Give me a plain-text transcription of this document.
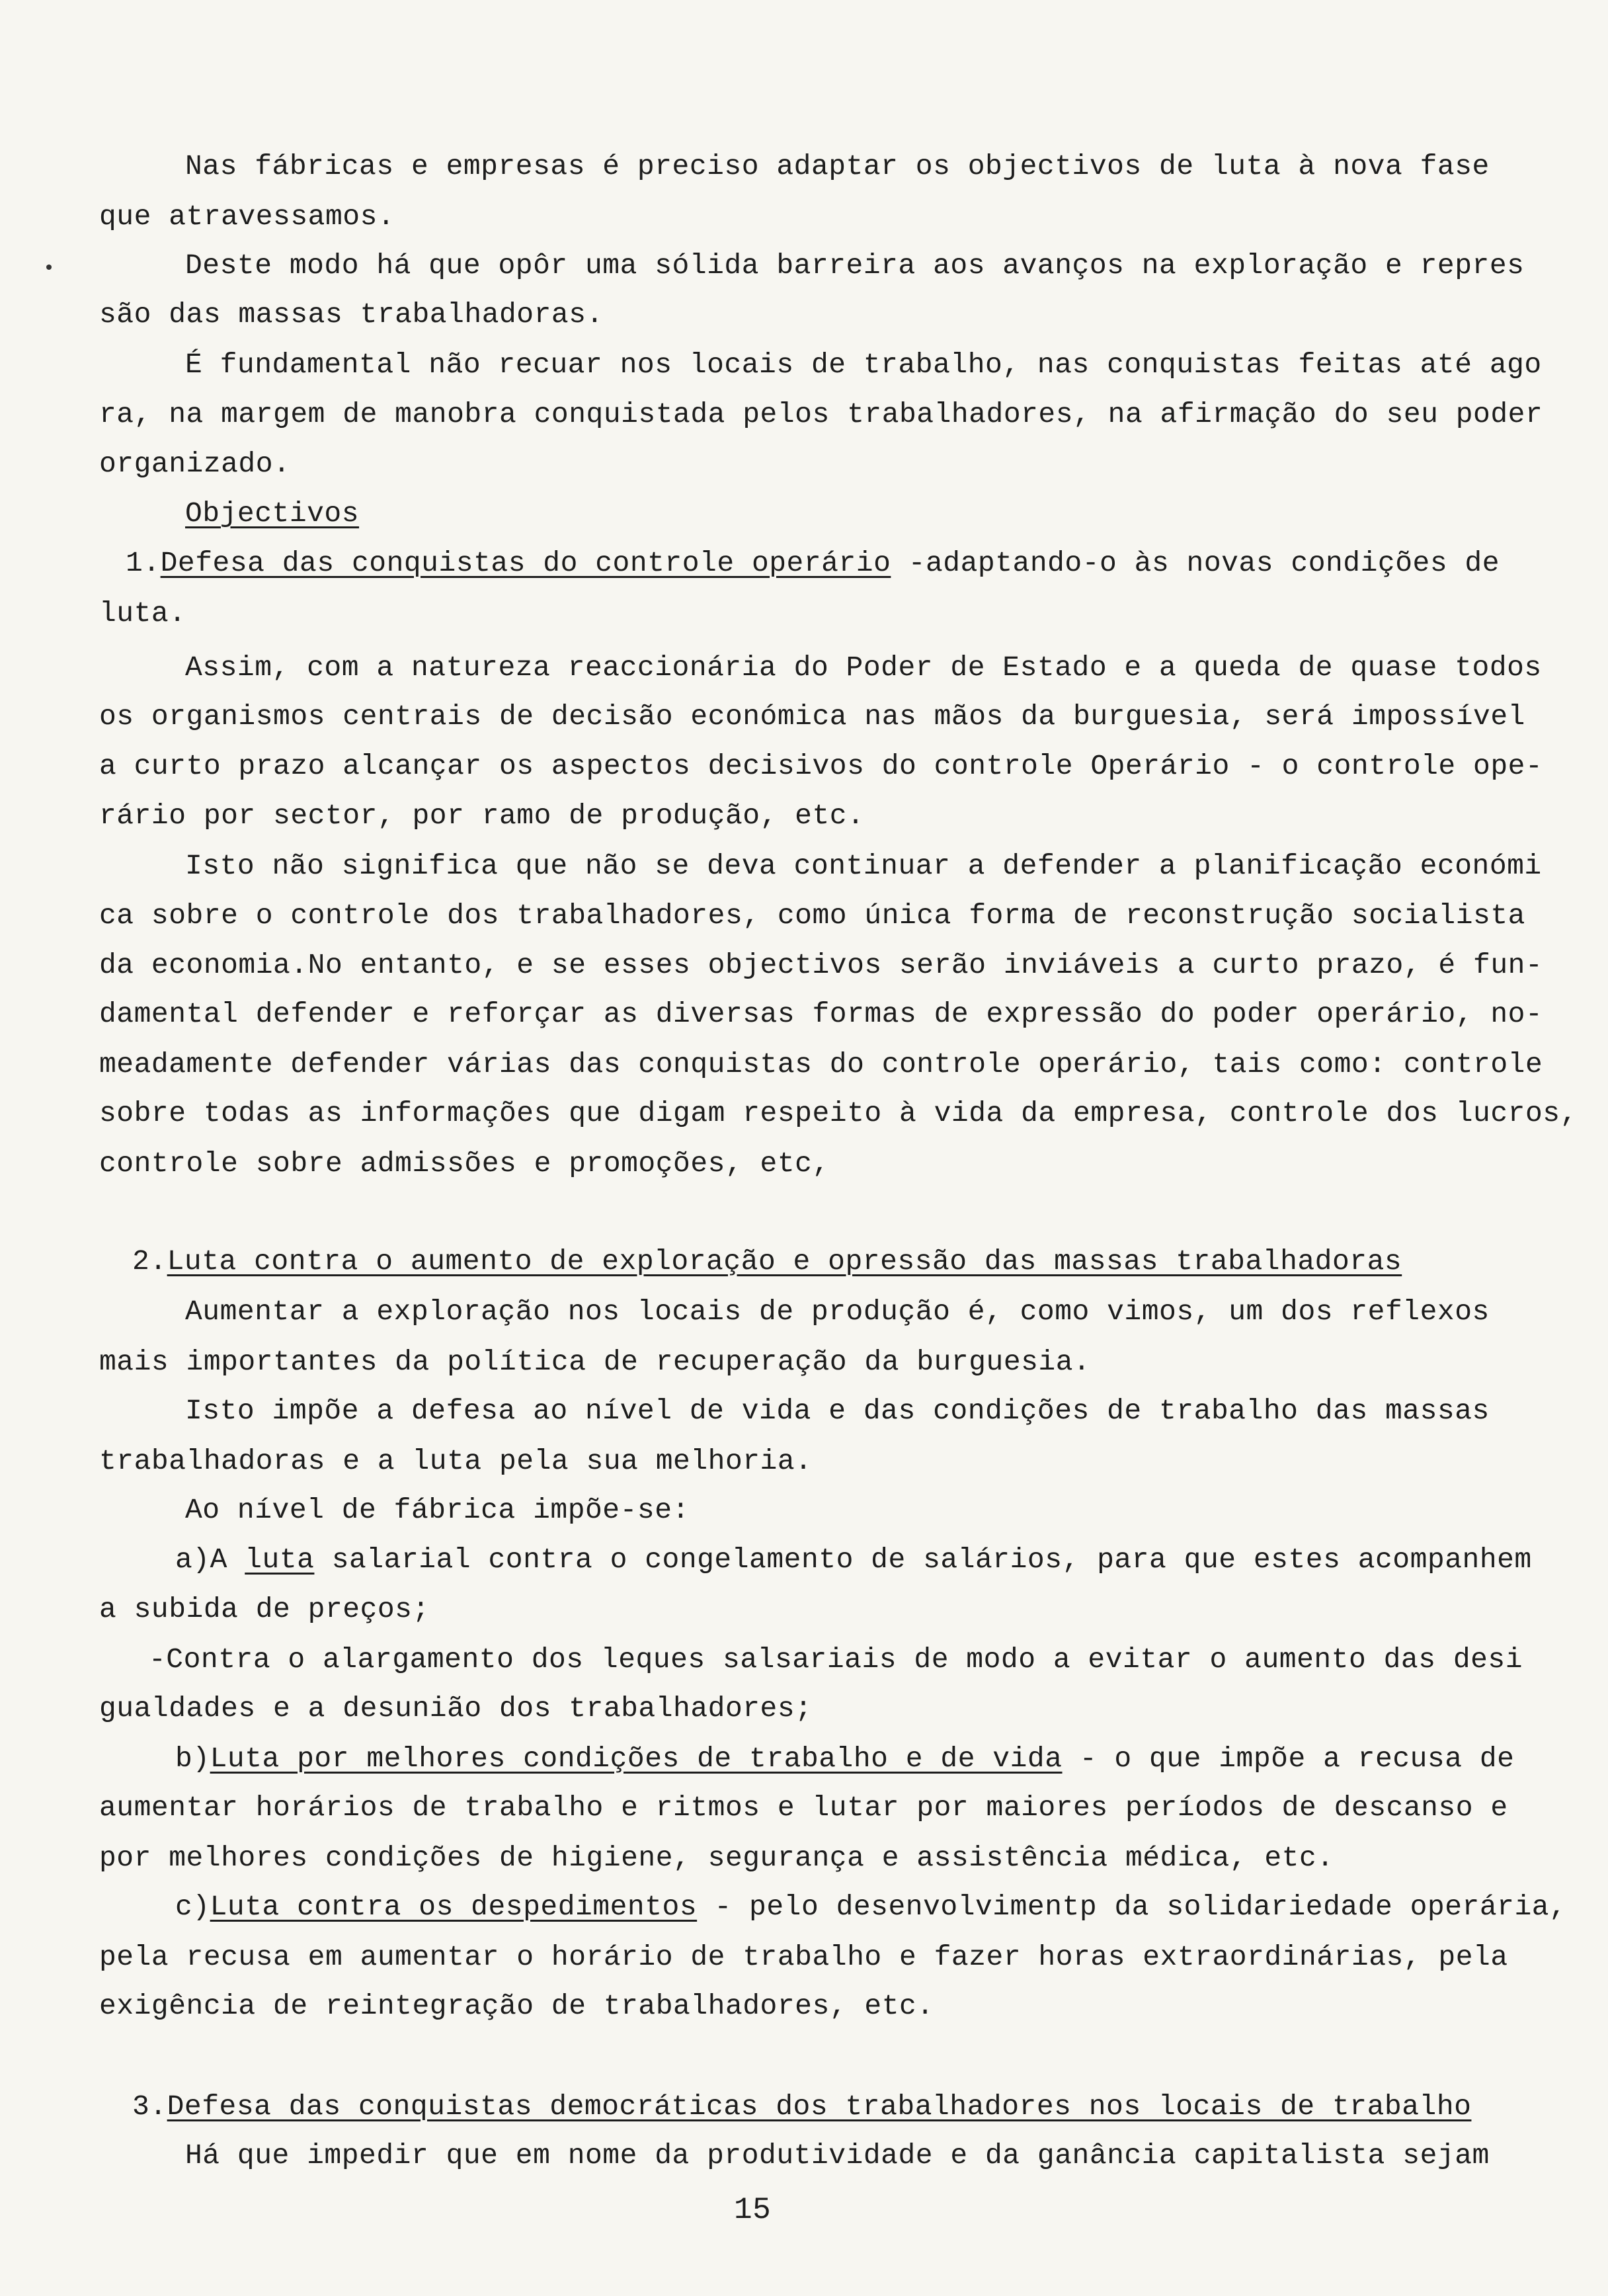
Nas fábricas e empresas é preciso adaptar os objectivos de luta à nova fase
que atravessamos.
Deste modo há que opôr uma sólida barreira aos avanços na exploração e repres
são das massas trabalhadoras.
É fundamental não recuar nos locais de trabalho, nas conquistas feitas até ago
ra, na margem de manobra conquistada pelos trabalhadores, na afirmação do seu poder
organizado.
Objectivos
1.Defesa das conquistas do controle operário -adaptando-o às novas condições de
luta.
Assim, com a natureza reaccionária do Poder de Estado e a queda de quase todos
os organismos centrais de decisão económica nas mãos da burguesia, será impossível
a curto prazo alcançar os aspectos decisivos do controle Operário - o controle ope-
rário por sector, por ramo de produção, etc.
Isto não significa que não se deva continuar a defender a planificação económi
ca sobre o controle dos trabalhadores, como única forma de reconstrução socialista
da economia.No entanto, e se esses objectivos serão inviáveis a curto prazo, é fun-
damental defender e reforçar as diversas formas de expressão do poder operário, no-
meadamente defender várias das conquistas do controle operário, tais como: controle
sobre todas as informações que digam respeito à vida da empresa, controle dos lucros,
controle sobre admissões e promoções, etc,
2.Luta contra o aumento de exploração e opressão das massas trabalhadoras
Aumentar a exploração nos locais de produção é, como vimos, um dos reflexos
mais importantes da política de recuperação da burguesia.
Isto impõe a defesa ao nível de vida e das condições de trabalho das massas
trabalhadoras e a luta pela sua melhoria.
Ao nível de fábrica impõe-se:
a)A luta salarial contra o congelamento de salários, para que estes acompanhem
a subida de preços;
-Contra o alargamento dos leques salsariais de modo a evitar o aumento das desi
gualdades e a desunião dos trabalhadores;
b)Luta por melhores condições de trabalho e de vida - o que impõe a recusa de
aumentar horários de trabalho e ritmos e lutar por maiores períodos de descanso e
por melhores condições de higiene, segurança e assistência médica, etc.
c)Luta contra os despedimentos - pelo desenvolvimentp da solidariedade operária,
pela recusa em aumentar o horário de trabalho e fazer horas extraordinárias, pela
exigência de reintegração de trabalhadores, etc.
3.Defesa das conquistas democráticas dos trabalhadores nos locais de trabalho
Há que impedir que em nome da produtividade e da ganância capitalista sejam
15
